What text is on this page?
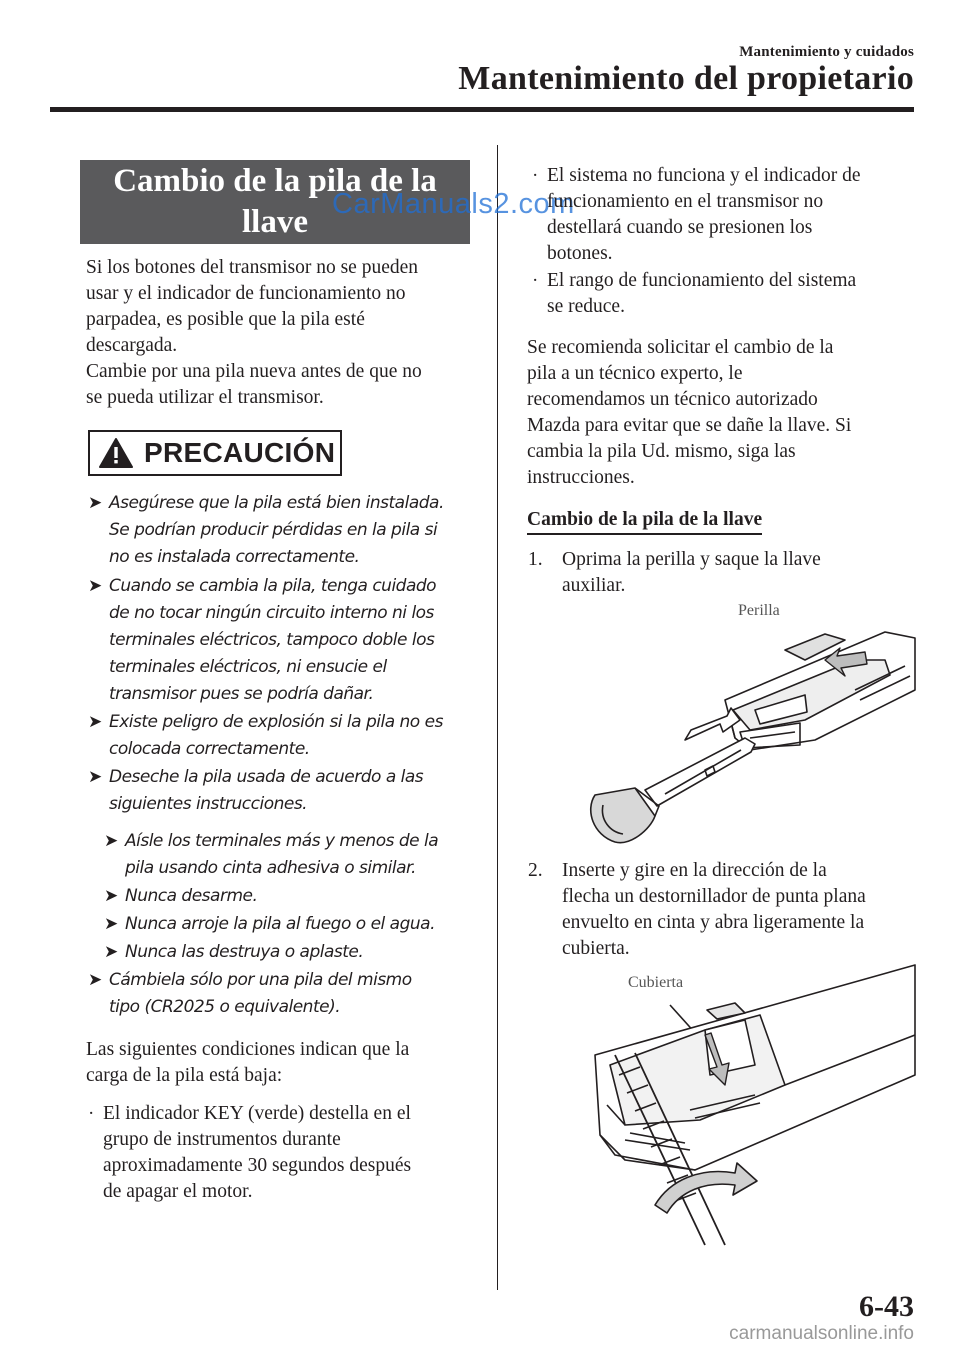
Mantenimiento y cuidados
Mantenimiento del propietario
Cambio de la pila de la
llave CarManuals2.com
Si los botones del transmisor no se pueden
usar y el indicador de funcionamiento no
parpadea, es posible que la pila esté
descargada.
Cambie por una pila nueva antes de que no
se pueda utilizar el transmisor.
PRECAUCIÓN
➤ Asegúrese que la pila está bien instalada.
Se podrían producir pérdidas en la pila si
no es instalada correctamente.
➤ Cuando se cambia la pila, tenga cuidado
de no tocar ningún circuito interno ni los
terminales eléctricos, tampoco doble los
terminales eléctricos, ni ensucie el
transmisor pues se podría dañar.
➤ Existe peligro de explosión si la pila no es
colocada correctamente.
➤ Deseche la pila usada de acuerdo a las
siguientes instrucciones.
➤ Aísle los terminales más y menos de la
pila usando cinta adhesiva o similar.
➤ Nunca desarme.
➤ Nunca arroje la pila al fuego o el agua.
➤ Nunca las destruya o aplaste.
➤ Cámbiela sólo por una pila del mismo
tipo (CR2025 o equivalente).
Las siguientes condiciones indican que la
carga de la pila está baja:
· El indicador KEY (verde) destella en el
grupo de instrumentos durante
aproximadamente 30 segundos después
de apagar el motor.
· El sistema no funciona y el indicador de
funcionamiento en el transmisor no
destellará cuando se presionen los
botones.
· El rango de funcionamiento del sistema
se reduce.
Se recomienda solicitar el cambio de la
pila a un técnico experto, le
recomendamos un técnico autorizado
Mazda para evitar que se dañe la llave. Si
cambia la pila Ud. mismo, siga las
instrucciones.
Cambio de la pila de la llave
1. Oprima la perilla y saque la llave
auxiliar.
Perilla
2. Inserte y gire en la dirección de la
flecha un destornillador de punta plana
envuelto en cinta y abra ligeramente la
cubierta.
Cubierta
6-43
carmanualsonline.info
